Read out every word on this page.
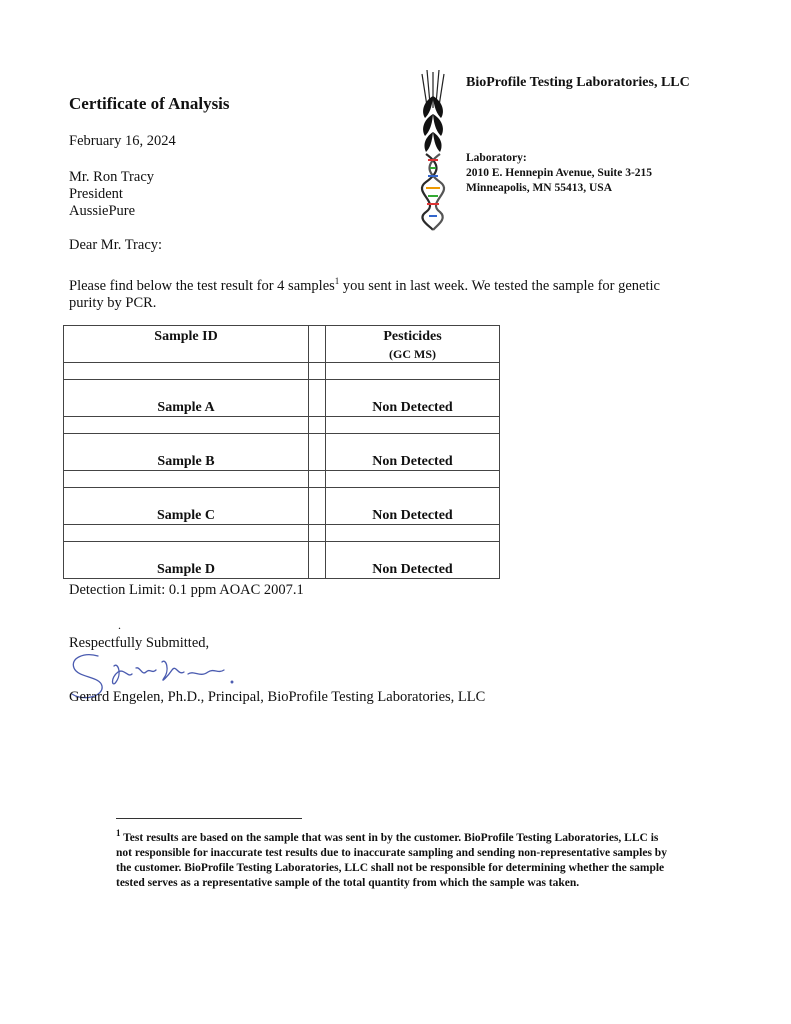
Certificate of Analysis
BioProfile Testing Laboratories, LLC
Laboratory:
2010 E. Hennepin Avenue, Suite 3-215
Minneapolis, MN 55413, USA
February 16, 2024
Mr. Ron Tracy
President
AussiePure
Dear Mr. Tracy:
Please find below the test result for 4 samples$^1$ you sent in last week. We tested the sample for genetic purity by PCR.
Sample ID		Pesticides
(GC MS)

Sample A		Non Detected

Sample B		Non Detected

Sample C		Non Detected

Sample D		Non Detected
Detection Limit: 0.1 ppm AOAC 2007.1
.
Respectfully Submitted,
Gerard Engelen, Ph.D., Principal, BioProfile Testing Laboratories, LLC
$^1$ Test results are based on the sample that was sent in by the customer. BioProfile Testing Laboratories, LLC is not responsible for inaccurate test results due to inaccurate sampling and sending non-representative samples by the customer. BioProfile Testing Laboratories, LLC shall not be responsible for determining whether the sample tested serves as a representative sample of the total quantity from which the sample was taken.
